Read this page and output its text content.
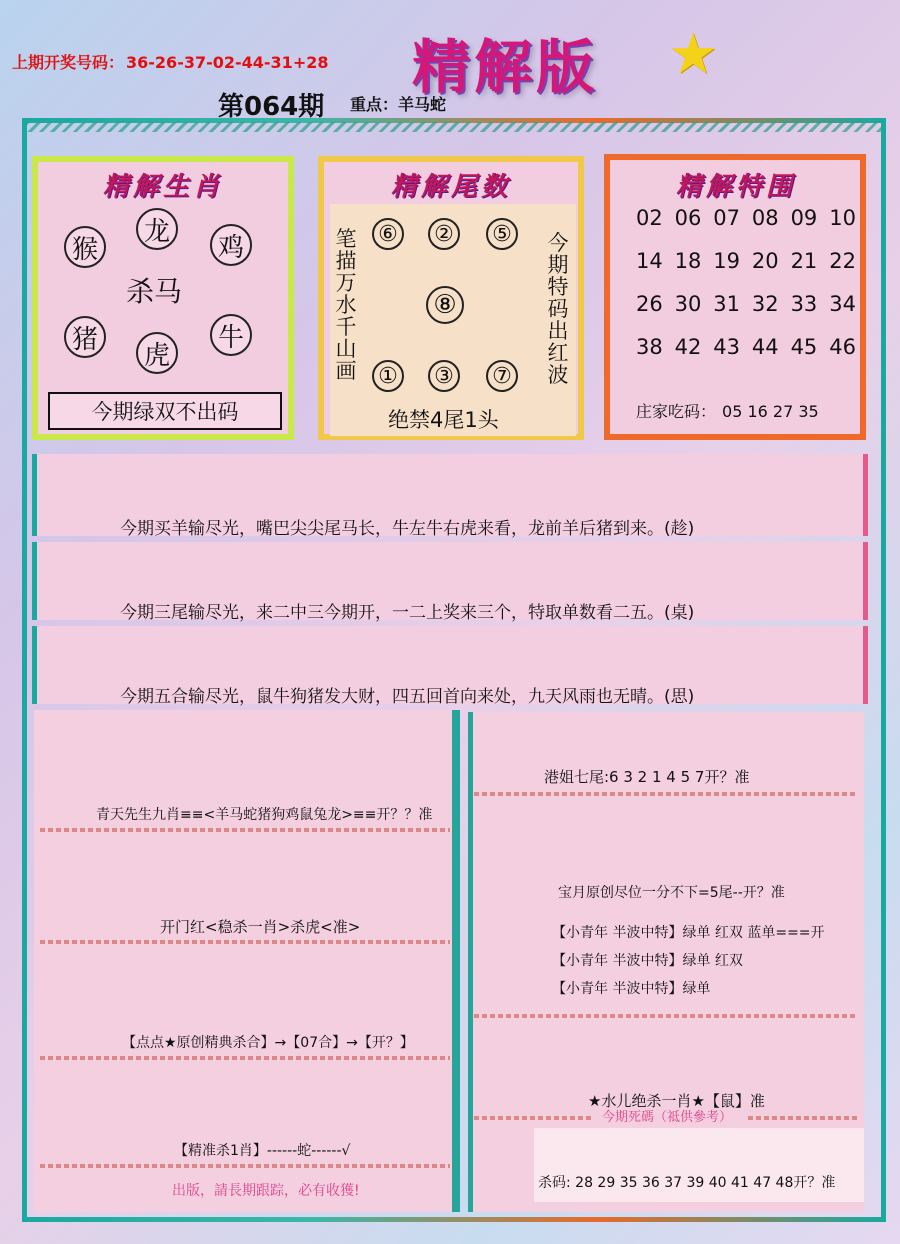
上期开奖号码： 36-26-37-02-44-31+28 精解版 ★
第064期 重点：羊马蛇
精解生肖
猴
龙
鸡
猪
虎
牛
杀马
今期绿双不出码
精解尾数
笔描万水千山画
今期特码出红波
⑥ ② ⑤
⑧
① ③ ⑦
绝禁4尾1头
精解特围
02 06 07 08 09 10
14 18 19 20 21 22
26 30 31 32 33 34
38 42 43 44 45 46
庄家吃码： 05 16 27 35
今期买羊输尽光，嘴巴尖尖尾马长，牛左牛右虎来看，龙前羊后猪到来。(趁)
今期三尾输尽光，来二中三今期开，一二上奖来三个，特取单数看二五。(桌)
今期五合输尽光，鼠牛狗猪发大财，四五回首向来处，九天风雨也无晴。(思)
青天先生九肖≡≡<羊马蛇猪狗鸡鼠兔龙>≡≡开？？准
开门红<稳杀一肖>杀虎<准>
【点点★原创精典杀合】→【07合】→【开？】
【精准杀1肖】------蛇------√
出版，請長期跟踪，必有收獲!
港姐七尾:6 3 2 1 4 5 7开？准
宝月原创尽位一分不下=5尾--开？准
【小青年 半波中特】绿单 红双 蓝单===开
【小青年 半波中特】绿单 红双
【小青年 半波中特】绿单
★水儿绝杀一肖★【鼠】准
今期死碼（祗供參考）
杀码: 28 29 35 36 37 39 40 41 47 48开？准
